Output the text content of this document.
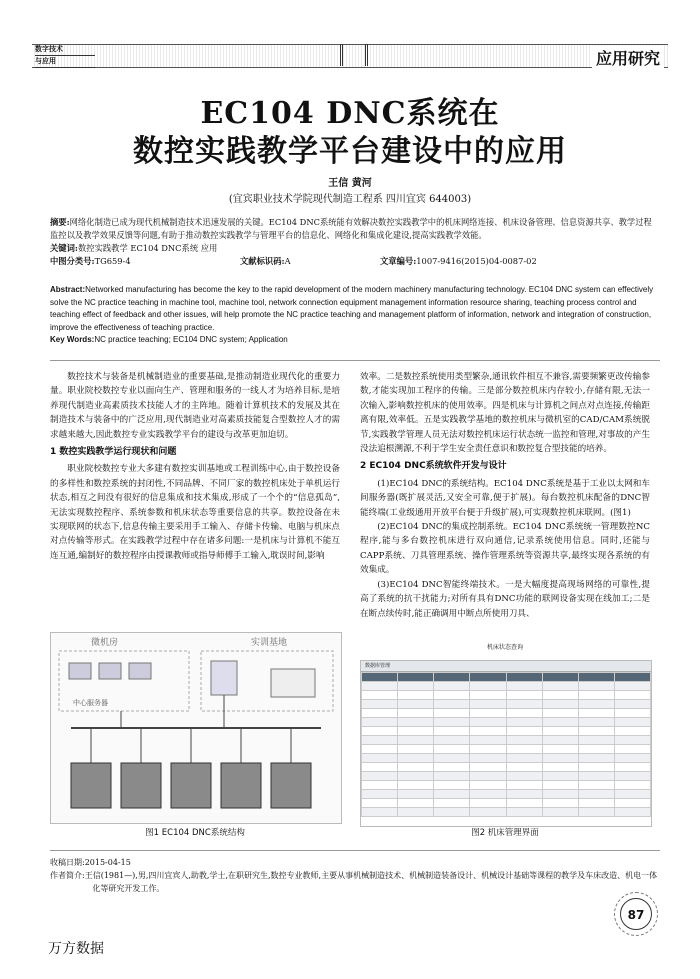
数字技术
与应用	应用研究
EC104 DNC系统在
数控实践教学平台建设中的应用
王信 黄河
(宜宾职业技术学院现代制造工程系 四川宜宾 644003)
摘要:网络化制造已成为现代机械制造技术迅速发展的关键。EC104 DNC系统能有效解决数控实践教学中的机床网络连接、机床设备管理、信息资源共享、教学过程监控以及教学效果反馈等问题,有助于推动数控实践教学与管理平台的信息化、网络化和集成化建设,提高实践教学效能。
关键词:数控实践教学 EC104 DNC系统 应用
中图分类号:TG659-4	文献标识码:A	文章编号:1007-9416(2015)04-0087-02
Abstract:Networked manufacturing has become the key to the rapid development of the modern machinery manufacturing technology. EC104 DNC system can effectively solve the NC practice teaching in machine tool, machine tool, network connection equipment management information resource sharing, teaching process control and teaching effect of feedback and other issues, will help promote the NC practice teaching and management platform of information, network and integration of construction, improve the effectiveness of teaching practice.
Key Words:NC practice teaching; EC104 DNC system; Application
数控技术与装备是机械制造业的重要基础,是推动制造业现代化的重要力量。职业院校数控专业以面向生产、管理和服务的一线人才为培养目标,是培养现代制造业高素质技术技能人才的主阵地。随着计算机技术的发展及其在制造技术与装备中的广泛应用,现代制造业对高素质技能复合型数控人才的需求越来越大,因此数控专业实践教学平台的建设与改革更加迫切。
1 数控实践教学运行现状和问题
职业院校数控专业大多建有数控实训基地或工程训练中心,由于数控设备的多样性和数控系统的封闭性,不同品牌、不同厂家的数控机床处于单机运行状态,相互之间没有很好的信息集成和技术集成,形成了一个个的“信息孤岛”,无法实现数控程序、系统参数和机床状态等重要信息的共享。数控设备在未实现联网的状态下,信息传输主要采用手工输入、存储卡传输、电脑与机床点对点传输等形式。在实践教学过程中存在诸多问题:一是机床与计算机不能互连互通,编制好的数控程序由授课教师或指导师傅手工输入,耽误时间,影响
效率。二是数控系统使用类型繁杂,通讯软件相互不兼容,需要频繁更改传输参数,才能实现加工程序的传输。三是部分数控机床内存较小,存储有限,无法一次输入,影响数控机床的使用效率。四是机床与计算机之间点对点连接,传输距离有限,效率低。五是实践教学基地的数控机床与微机室的CAD/CAM系统脱节,实践教学管理人员无法对数控机床运行状态统一监控和管理,对事故的产生没法追根溯源,不利于学生安全责任意识和数控复合型技能的培养。
2 EC104 DNC系统软件开发与设计
(1)EC104 DNC的系统结构。EC104 DNC系统是基于工业以太网和车间服务器(既扩展灵活,又安全可靠,便于扩展)。每台数控机床配备的DNC智能终端(工业级通用开放平台便于升级扩展),可实现数控机床联网。(图1)
(2)EC104 DNC的集成控制系统。EC104 DNC系统统一管理数控NC程序,能与多台数控机床进行双向通信,记录系统使用信息。同时,还能与CAPP系统、刀具管理系统、操作管理系统等资源共享,最终实现各系统的有效集成。
(3)EC104 DNC智能终端技术。一是大幅度提高现场网络的可靠性,提高了系统的抗干扰能力;对所有具有DNC功能的联网设备实现在线加工;二是在断点续传时,能正确调用中断点所使用刀具、
微机房	实训基地
中心服务器
图1 EC104 DNC系统结构
机床状态查询
数据库管理

图2 机床管理界面
收稿日期:2015-04-15
作者简介:王信(1981—),男,四川宜宾人,助教,学士,在职研究生,数控专业教师,主要从事机械制造技术、机械制造装备设计、机械设计基础等课程的教学及车床改造、机电一体化等研究开发工作。
87
万方数据
